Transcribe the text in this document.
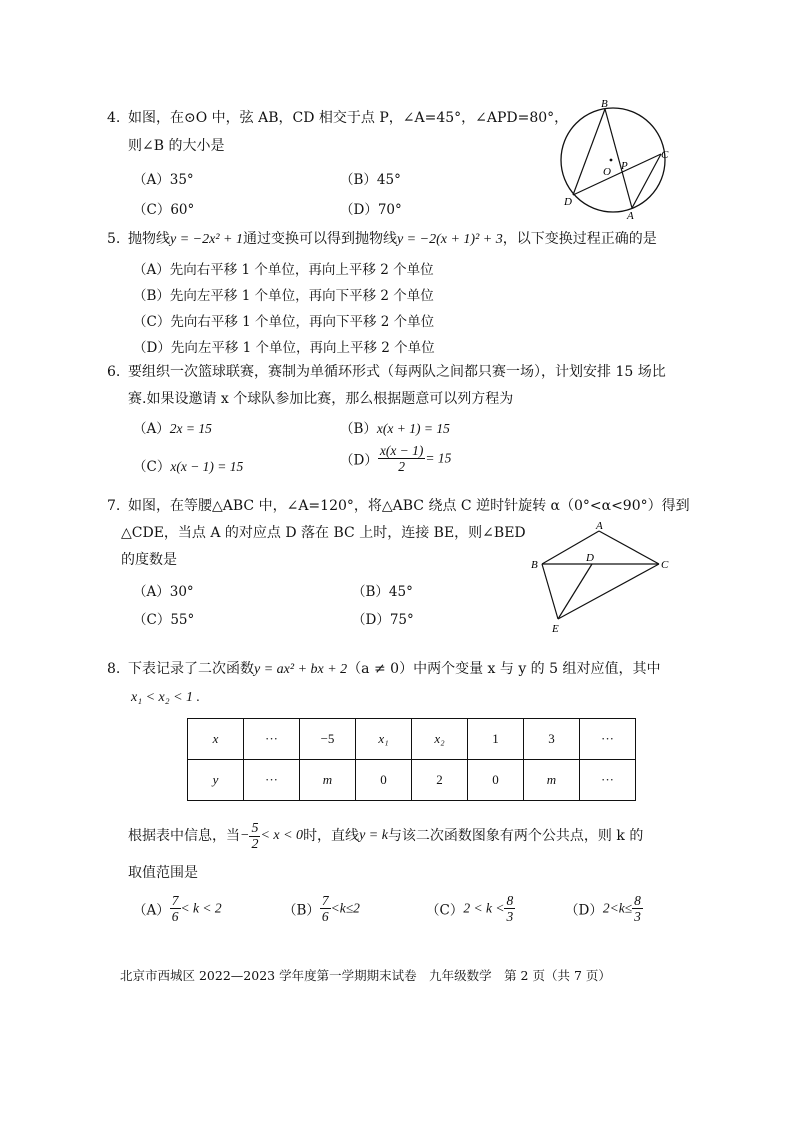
4. 如图，在⊙O 中，弦 AB，CD 相交于点 P，∠A=45°，∠APD=80°，
则∠B 的大小是
（A）35°	（B）45°
（C）60°	（D）70°
B
O P
C
D
A
5. 抛物线y = −2x² + 1通过变换可以得到抛物线y = −2(x + 1)² + 3，以下变换过程正确的是
（A）先向右平移 1 个单位，再向上平移 2 个单位
（B）先向左平移 1 个单位，再向下平移 2 个单位
（C）先向右平移 1 个单位，再向下平移 2 个单位
（D）先向左平移 1 个单位，再向上平移 2 个单位
6. 要组织一次篮球联赛，赛制为单循环形式（每两队之间都只赛一场），计划安排 15 场比
赛.如果设邀请 x 个球队参加比赛，那么根据题意可以列方程为
（A）2x = 15	（B）x(x + 1) = 15
（C）x(x − 1) = 15	$(D) \frac{x(x - 1)}{2} = 15$
7. 如图，在等腰△ABC 中，∠A=120°，将△ABC 绕点 C 逆时针旋转 α（0°<α<90°）得到
△CDE，当点 A 的对应点 D 落在 BC 上时，连接 BE，则∠BED
的度数是
（A）30°	（B）45°
（C）55°	（D）75°
A
B
D
C
E
8. 下表记录了二次函数y = ax² + bx + 2（a ≠ 0）中两个变量 x 与 y 的 5 组对应值，其中
x₁ < x₂ < 1 .
x	···	−5	x₁	x₂	1	3	···
y	···	m	0	2	0	m	···
根据表中信息，当− $\frac{5}{2} < x < 0$时，直线y = k与该二次函数图象有两个公共点，则 k 的
取值范围是
$(A) \frac{7}{6} < k < 2$	$(B) \frac{7}{6} <k\le 2$	$(C)2 < k < \frac{8}{3}$	$(D)2<k\le \frac{8}{3}$
北京市西城区 2022—2023 学年度第一学期期末试卷　九年级数学　第 2 页（共 7 页）
